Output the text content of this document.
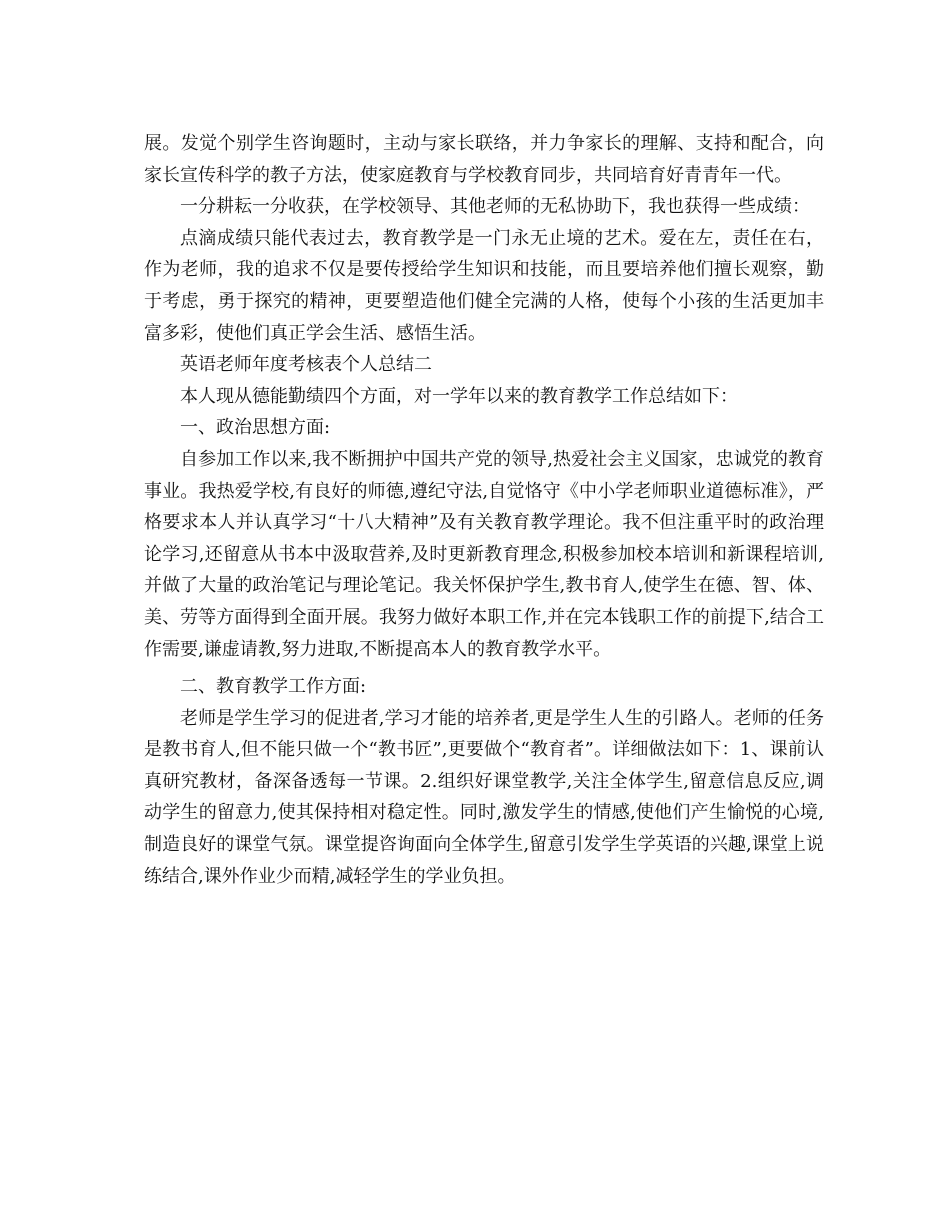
展。发觉个别学生咨询题时，主动与家长联络，并力争家长的理解、支持和配合，向家长宣传科学的教子方法，使家庭教育与学校教育同步，共同培育好青青年一代。

一分耕耘一分收获，在学校领导、其他老师的无私协助下，我也获得一些成绩：

点滴成绩只能代表过去，教育教学是一门永无止境的艺术。爱在左，责任在右，作为老师，我的追求不仅是要传授给学生知识和技能，而且要培养他们擅长观察，勤于考虑，勇于探究的精神，更要塑造他们健全完满的人格，使每个小孩的生活更加丰富多彩，使他们真正学会生活、感悟生活。

英语老师年度考核表个人总结二

本人现从德能勤绩四个方面，对一学年以来的教育教学工作总结如下：

一、政治思想方面:

自参加工作以来,我不断拥护中国共产党的领导,热爱社会主义国家，忠诚党的教育事业。我热爱学校,有良好的师德,遵纪守法,自觉恪守《中小学老师职业道德标准》，严格要求本人并认真学习“十八大精神”及有关教育教学理论。我不但注重平时的政治理论学习,还留意从书本中汲取营养,及时更新教育理念,积极参加校本培训和新课程培训,并做了大量的政治笔记与理论笔记。我关怀保护学生,教书育人,使学生在德、智、体、美、劳等方面得到全面开展。我努力做好本职工作,并在完本钱职工作的前提下,结合工作需要,谦虚请教,努力进取,不断提高本人的教育教学水平。

二、教育教学工作方面:

老师是学生学习的促进者,学习才能的培养者,更是学生人生的引路人。老师的任务是教书育人,但不能只做一个“教书匠”,更要做个“教育者”。详细做法如下：1、课前认真研究教材，备深备透每一节课。2.组织好课堂教学,关注全体学生,留意信息反应,调动学生的留意力,使其保持相对稳定性。同时,激发学生的情感,使他们产生愉悦的心境,制造良好的课堂气氛。课堂提咨询面向全体学生,留意引发学生学英语的兴趣,课堂上说练结合,课外作业少而精,减轻学生的学业负担。
